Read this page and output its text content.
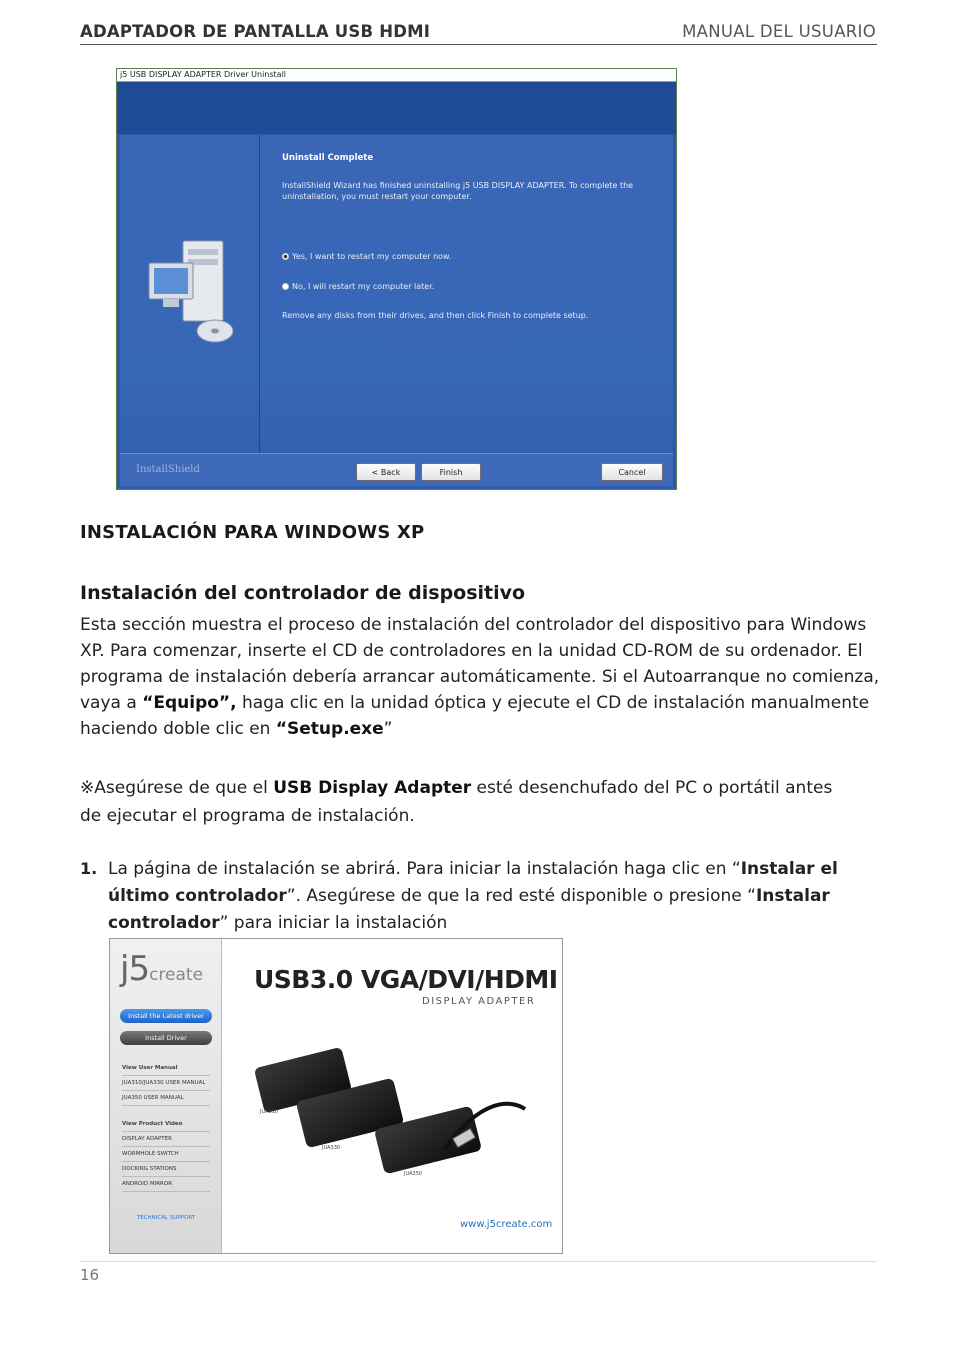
ADAPTADOR DE PANTALLA USB HDMI	MANUAL DEL USUARIO
j5 USB DISPLAY ADAPTER Driver Uninstall
Uninstall Complete
InstallShield Wizard has finished uninstalling j5 USB DISPLAY ADAPTER. To complete the uninstallation, you must restart your computer.
Yes, I want to restart my computer now.
No, I will restart my computer later.
Remove any disks from their drives, and then click Finish to complete setup.
InstallShield	< Back	Finish	Cancel
INSTALACIÓN PARA WINDOWS XP
Instalación del controlador de dispositivo
Esta sección muestra el proceso de instalación del controlador del dispositivo para Windows XP. Para comenzar, inserte el CD de controladores en la unidad CD-ROM de su ordenador. El programa de instalación debería arrancar automáticamente. Si el Autoarranque no comienza, vaya a “Equipo”, haga clic en la unidad óptica y ejecute el CD de instalación manualmente haciendo doble clic en “Setup.exe”
※Asegúrese de que el USB Display Adapter esté desenchufado del PC o portátil antes de ejecutar el programa de instalación.
1. La página de instalación se abrirá. Para iniciar la instalación haga clic en “Instalar el último controlador”. Asegúrese de que la red esté disponible o presione “Instalar controlador” para iniciar la instalación
j5create
Install the Latest driver
Install Driver
View User Manual
JUA310/JUA330 USER MANUAL
JUA350 USER MANUAL
View Product Video
DISPLAY ADAPTER
WORMHOLE SWITCH
DOCKING STATIONS
ANDROID MIRROR
TECHNICAL SUPPORT
USB3.0 VGA/DVI/HDMI
DISPLAY ADAPTER
JUA310
JUA330
JUA350
www.j5create.com
16
